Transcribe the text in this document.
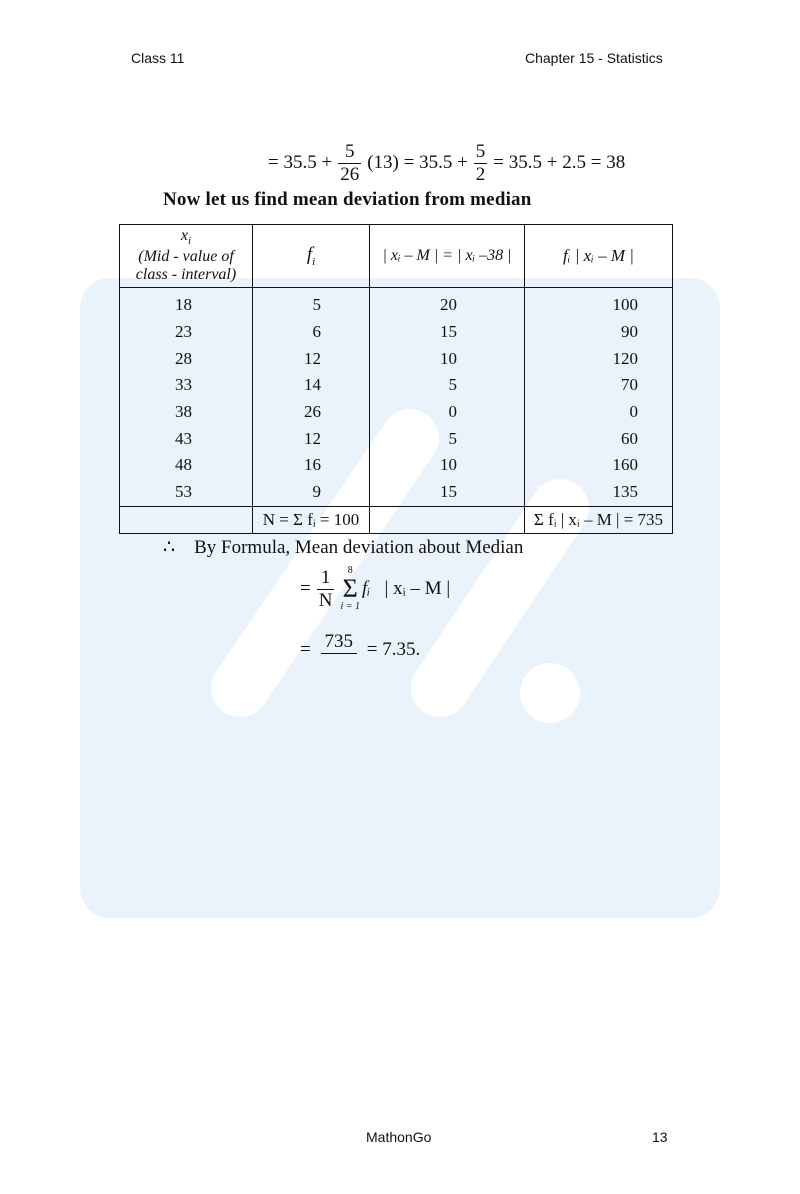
Class 11	Chapter 15 - Statistics
=
35.5
+ $\frac{5}{26} (13)$
=
35.5
+ $\frac{5}{2}$ =
35.5
+
2.5
=
38
Now let us find mean deviation from median
$x_i$
(Mid - value of
class - interval)	$f_i$	| xᵢ – M | = | xᵢ –38 |	fᵢ | xᵢ – M |
18	5	20	100
23	6	15	90
28	12	10	120
33	14	5	70
38	26	0	0
43	12	5	60
48	16	10	160
53	9	15	135
	N = Σ fᵢ = 100		Σ fᵢ | xᵢ – M | = 735
∴ By Formula, Mean deviation about Median
= $\frac{1}{N} 8$
Σ
i = 1
fᵢ
| xᵢ – M |
= 735 =
7.35.
MathonGo	13
